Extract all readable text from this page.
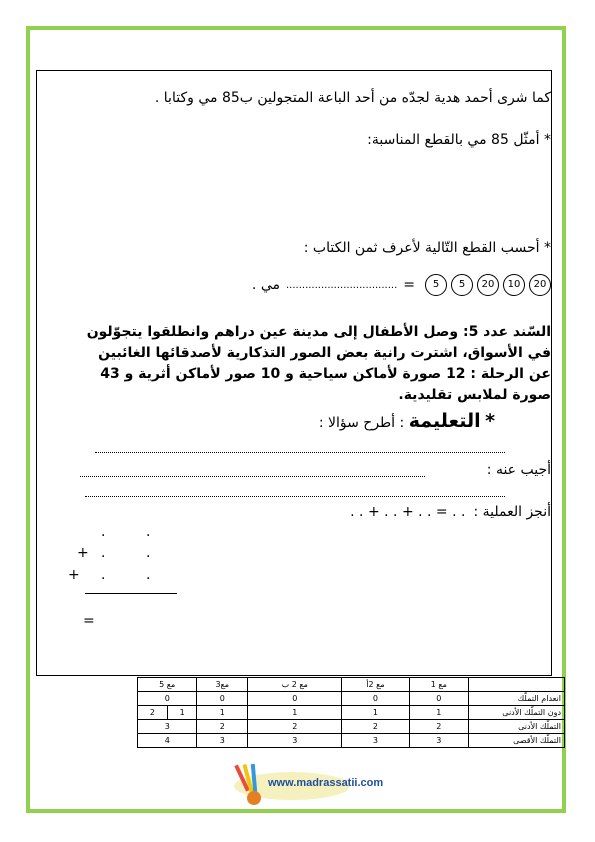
كما شرى أحمد هدية لجدّه من أحد الباعة المتجولين ب85 مي وكتابا .
* أمثّل 85 مي بالقطع المناسبة:
* أحسب القطع التّالية لأعرف ثمن الكتاب :
20
10
20
5
5
=
...................................
مي .
السّند عدد 5: وصل الأطفال إلى مدينة عين دراهم وانطلقوا يتجوّلون في الأسواق، اشترت رانية بعض الصور التذكارية لأصدقائها الغائبين عن الرحلة : 12 صورة لأماكن سياحية و 10 صور لأماكن أثرية و 43 صورة لملابس تقليدية.
* التعليمة : أطرح سؤالا :
أجيب عنه :
أنجز العملية :
. . + . . + . . = . .
.	.
+ .	.
+ .	.
=
	مع 1	مع 2أ	مع 2 ب	مع3	مع 5	
انعدام التملّك	0	0	0	0	0	
دون التملّك الأدنى	1	1	1	1	1	2
التملّك الأدنى	2	2	2	2	3	
التملّك الأقصى	3	3	3	3	4	
www.madrassatii.com
